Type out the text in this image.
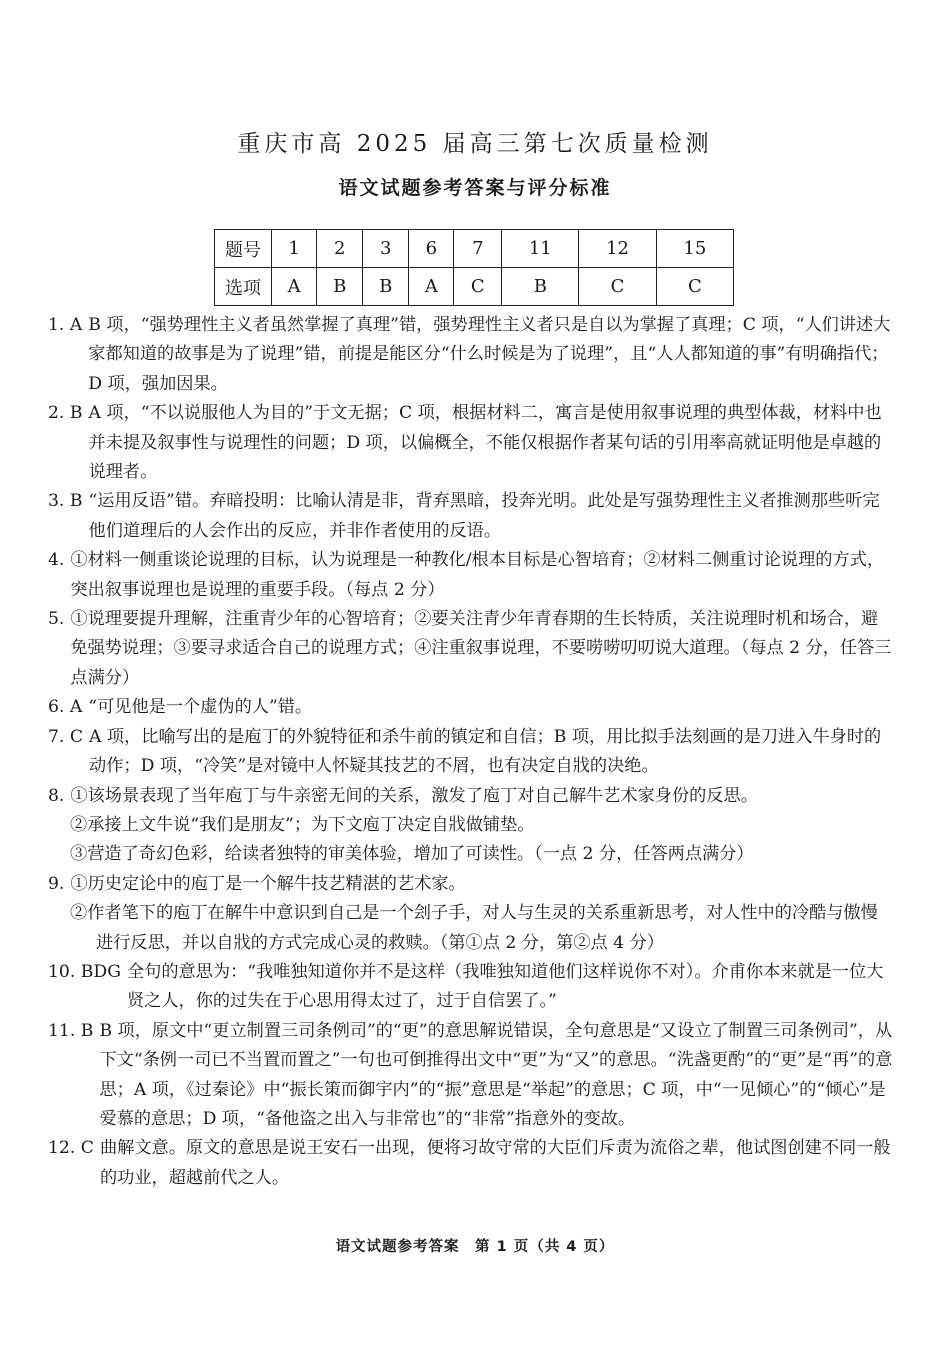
重庆市高 2025 届高三第七次质量检测
语文试题参考答案与评分标准
题号	1	2	3	6	7	11	12	15
选项	A	B	B	A	C	B	C	C
1. A B 项，“强势理性主义者虽然掌握了真理”错，强势理性主义者只是自以为掌握了真理；C 项，“人们讲述大家都知道的故事是为了说理”错，前提是能区分“什么时候是为了说理”，且“人人都知道的事”有明确指代；D 项，强加因果。
2. B A 项，“不以说服他人为目的”于文无据；C 项，根据材料二，寓言是使用叙事说理的典型体裁，材料中也并未提及叙事性与说理性的问题；D 项，以偏概全，不能仅根据作者某句话的引用率高就证明他是卓越的说理者。
3. B “运用反语”错。弃暗投明：比喻认清是非，背弃黑暗，投奔光明。此处是写强势理性主义者推测那些听完他们道理后的人会作出的反应，并非作者使用的反语。
4. ①材料一侧重谈论说理的目标，认为说理是一种教化/根本目标是心智培育；②材料二侧重讨论说理的方式，突出叙事说理也是说理的重要手段。（每点 2 分）
5. ①说理要提升理解，注重青少年的心智培育；②要关注青少年青春期的生长特质，关注说理时机和场合，避免强势说理；③要寻求适合自己的说理方式；④注重叙事说理，不要唠唠叨叨说大道理。（每点 2 分，任答三点满分）
6. A “可见他是一个虚伪的人”错。
7. C A 项，比喻写出的是庖丁的外貌特征和杀牛前的镇定和自信；B 项，用比拟手法刻画的是刀进入牛身时的动作；D 项，“冷笑”是对镜中人怀疑其技艺的不屑，也有决定自戕的决绝。
8. ①该场景表现了当年庖丁与牛亲密无间的关系，激发了庖丁对自己解牛艺术家身份的反思。
②承接上文牛说“我们是朋友”；为下文庖丁决定自戕做铺垫。
③营造了奇幻色彩，给读者独特的审美体验，增加了可读性。（一点 2 分，任答两点满分）
9. ①历史定论中的庖丁是一个解牛技艺精湛的艺术家。
②作者笔下的庖丁在解牛中意识到自己是一个刽子手，对人与生灵的关系重新思考，对人性中的冷酷与傲慢进行反思，并以自戕的方式完成心灵的救赎。（第①点 2 分，第②点 4 分）
10. BDG 全句的意思为：“我唯独知道你并不是这样（我唯独知道他们这样说你不对）。介甫你本来就是一位大贤之人，你的过失在于心思用得太过了，过于自信罢了。”
11. B B 项，原文中“更立制置三司条例司”的“更”的意思解说错误，全句意思是“又设立了制置三司条例司”，从下文“条例一司已不当置而置之”一句也可倒推得出文中“更”为“又”的意思。“洗盏更酌”的“更”是“再”的意思；A 项，《过秦论》中“振长策而御宇内”的“振”意思是“举起”的意思；C 项，中“一见倾心”的“倾心”是爱慕的意思；D 项，“备他盗之出入与非常也”的“非常”指意外的变故。
12. C 曲解文意。原文的意思是说王安石一出现，便将习故守常的大臣们斥责为流俗之辈，他试图创建不同一般的功业，超越前代之人。
语文试题参考答案　第 1 页（共 4 页）
